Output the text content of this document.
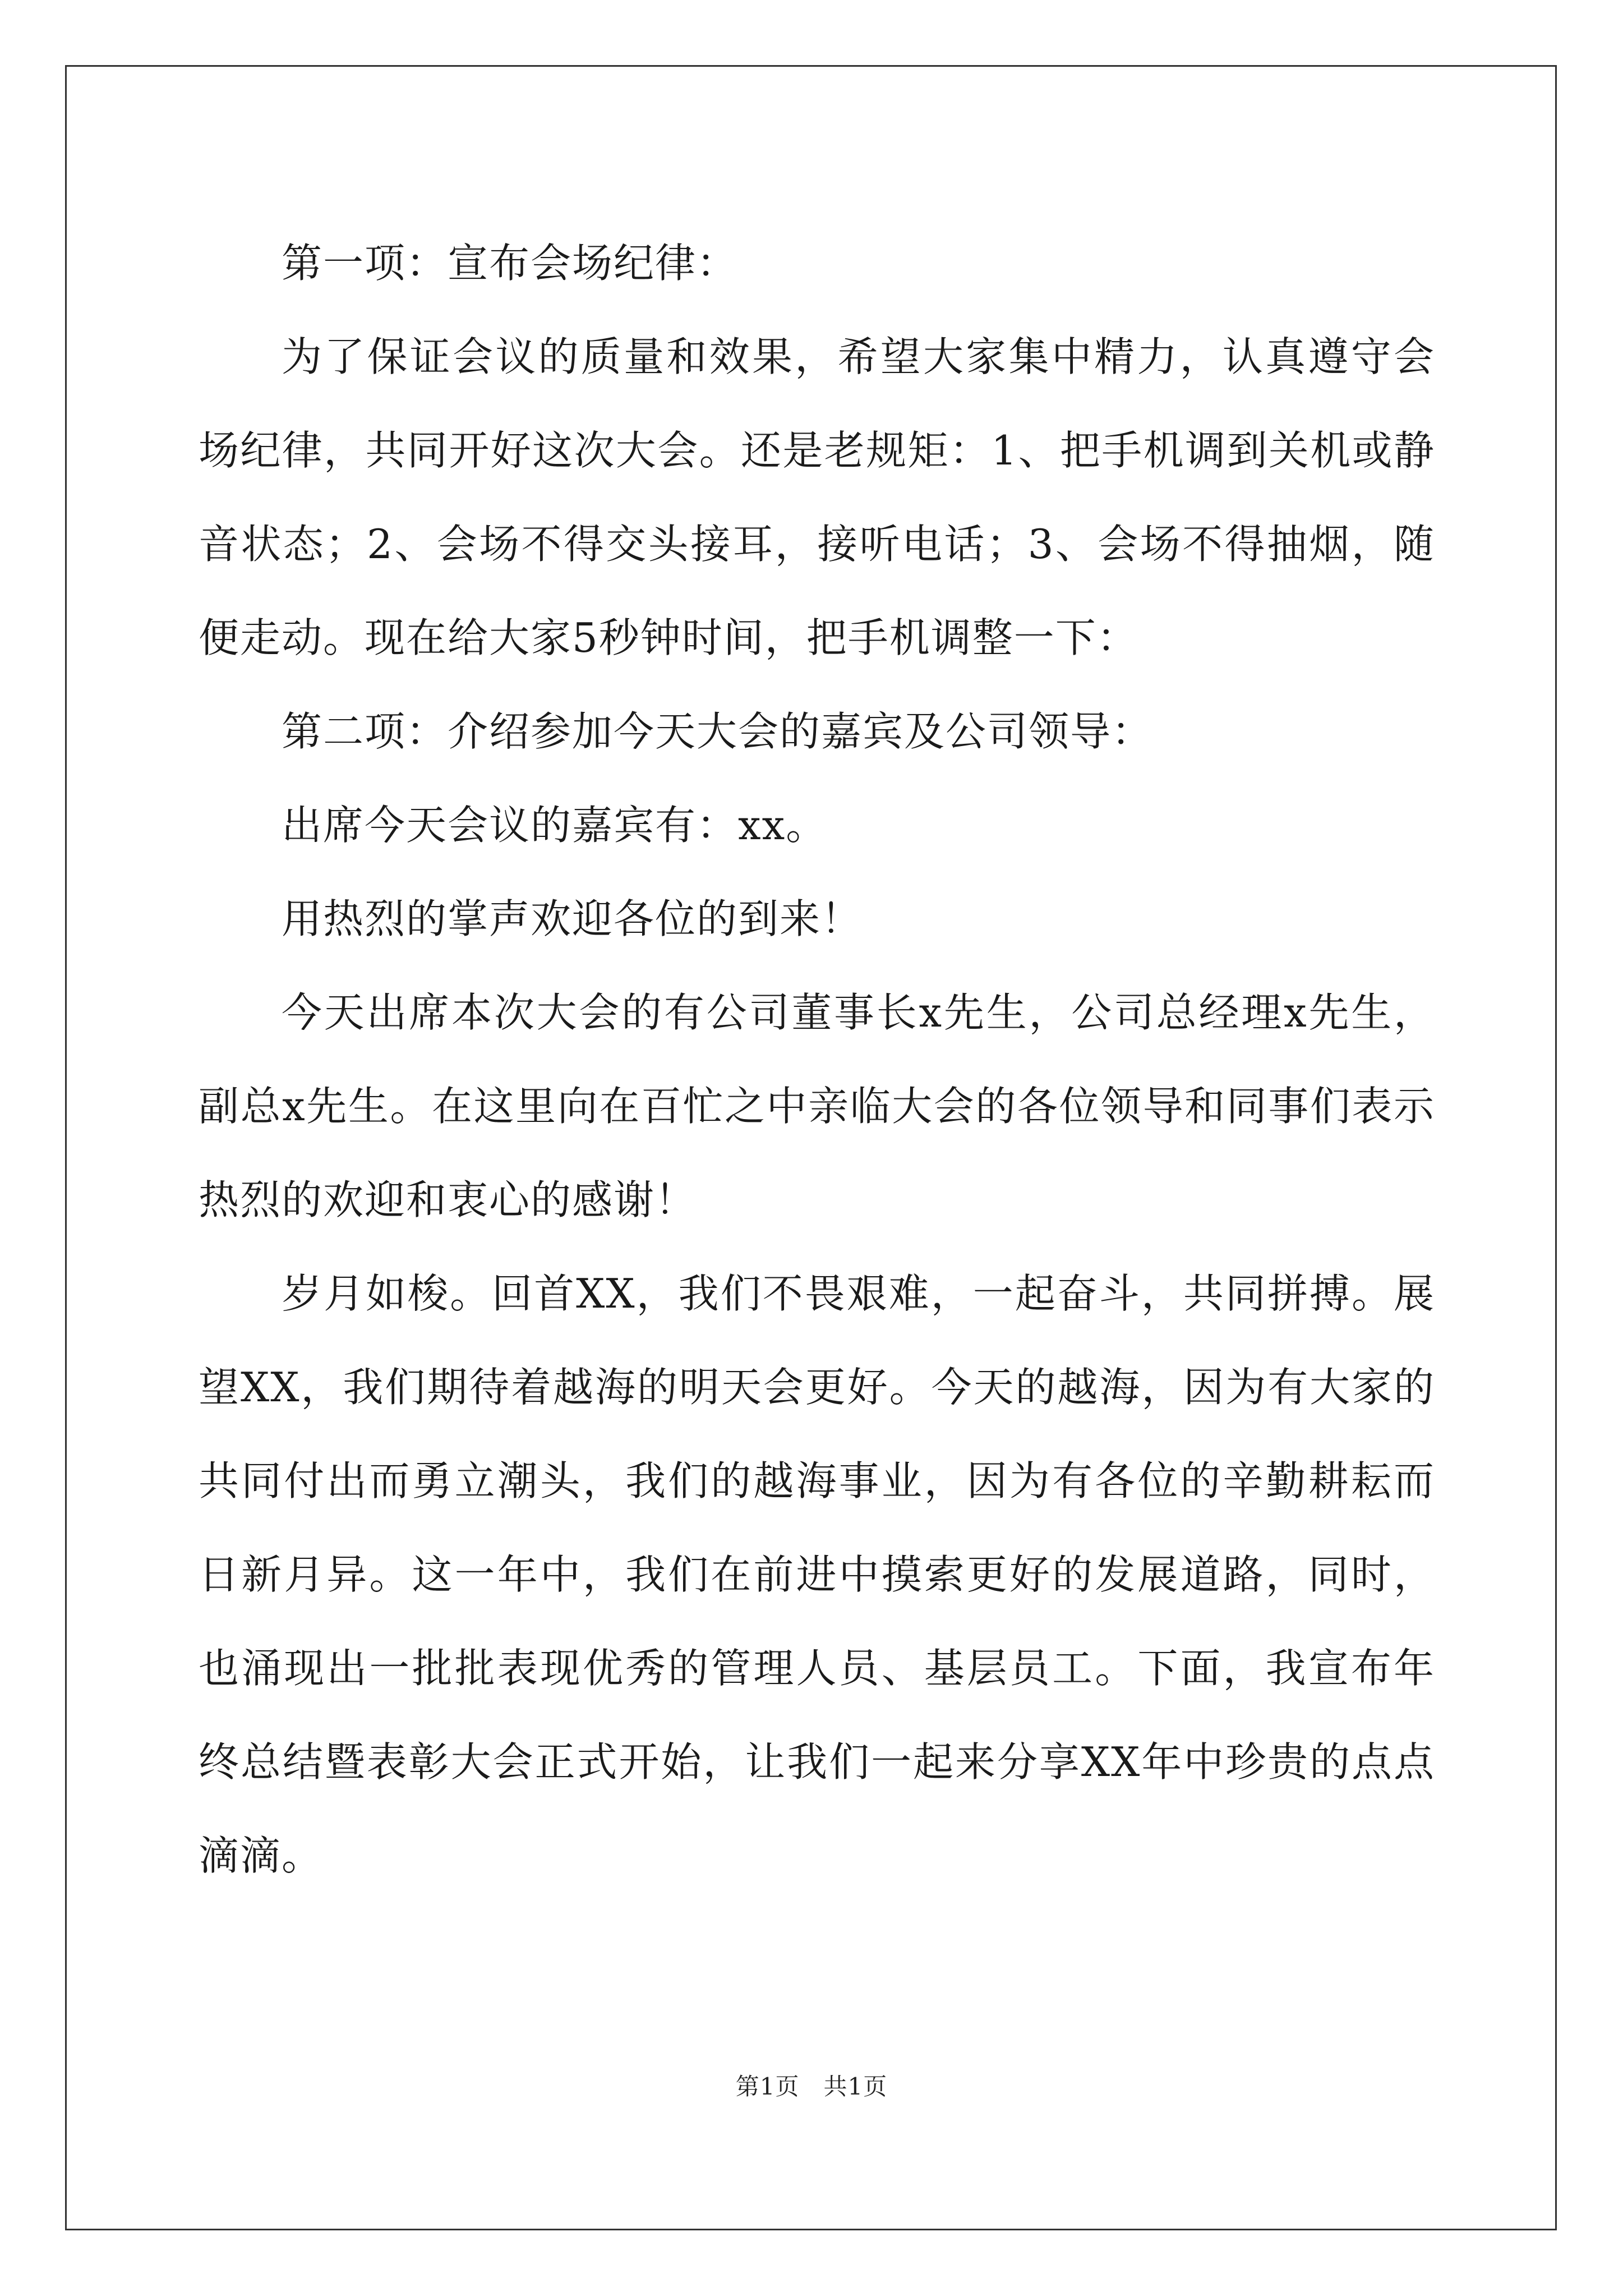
第一项：宣布会场纪律：

为了保证会议的质量和效果，希望大家集中精力，认真遵守会场纪律，共同开好这次大会。还是老规矩：1、把手机调到关机或静音状态；2、会场不得交头接耳，接听电话；3、会场不得抽烟，随便走动。现在给大家5秒钟时间，把手机调整一下：

第二项：介绍参加今天大会的嘉宾及公司领导：

出席今天会议的嘉宾有：xx。

用热烈的掌声欢迎各位的到来！

今天出席本次大会的有公司董事长x先生，公司总经理x先生，副总x先生。在这里向在百忙之中亲临大会的各位领导和同事们表示热烈的欢迎和衷心的感谢！

岁月如梭。回首XX，我们不畏艰难，一起奋斗，共同拼搏。展望XX，我们期待着越海的明天会更好。今天的越海，因为有大家的共同付出而勇立潮头，我们的越海事业，因为有各位的辛勤耕耘而日新月异。这一年中，我们在前进中摸索更好的发展道路，同时，也涌现出一批批表现优秀的管理人员、基层员工。下面，我宣布年终总结暨表彰大会正式开始，让我们一起来分享XX年中珍贵的点点滴滴。

第1页　共1页
